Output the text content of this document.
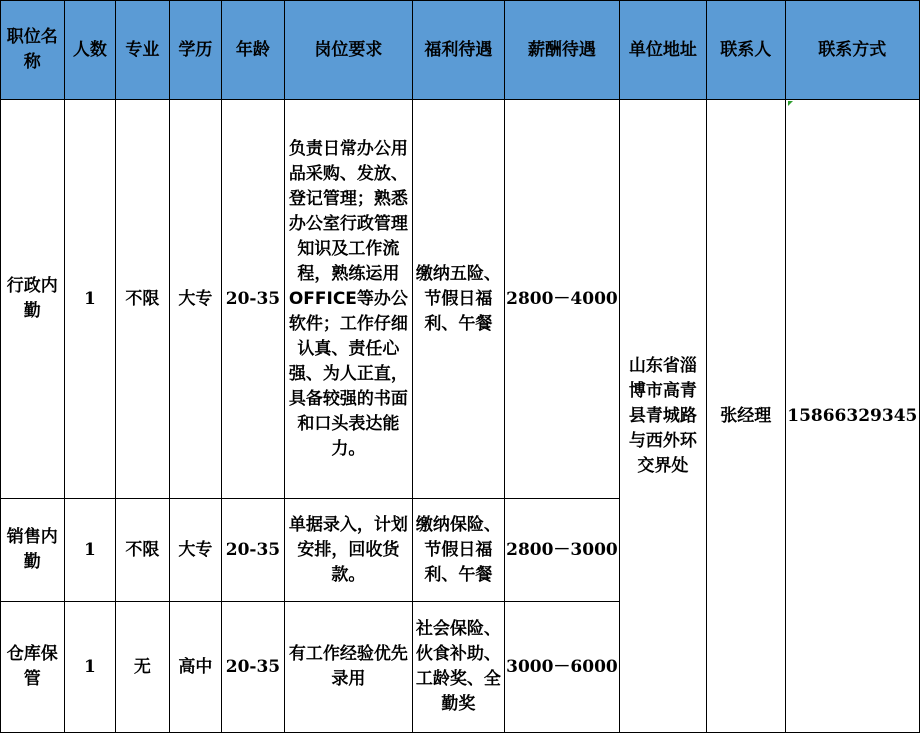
职位名称	人数	专业	学历	年龄	岗位要求	福利待遇	薪酬待遇	单位地址	联系人	联系方式
行政内勤	1	不限	大专	20-35	负责日常办公用品采购、发放、登记管理；熟悉办公室行政管理知识及工作流程，熟练运用OFFICE等办公软件；工作仔细认真、责任心强、为人正直，具备较强的书面和口头表达能力。	缴纳五险、节假日福利、午餐	2800－4000	山东省淄博市高青县青城路与西外环交界处	张经理	15866329345
销售内勤	1	不限	大专	20-35	单据录入，计划安排，回收货款。	缴纳保险、节假日福利、午餐	2800－3000			
仓库保管	1	无	高中	20-35	有工作经验优先录用	社会保险、伙食补助、工龄奖、全勤奖	3000－6000			
